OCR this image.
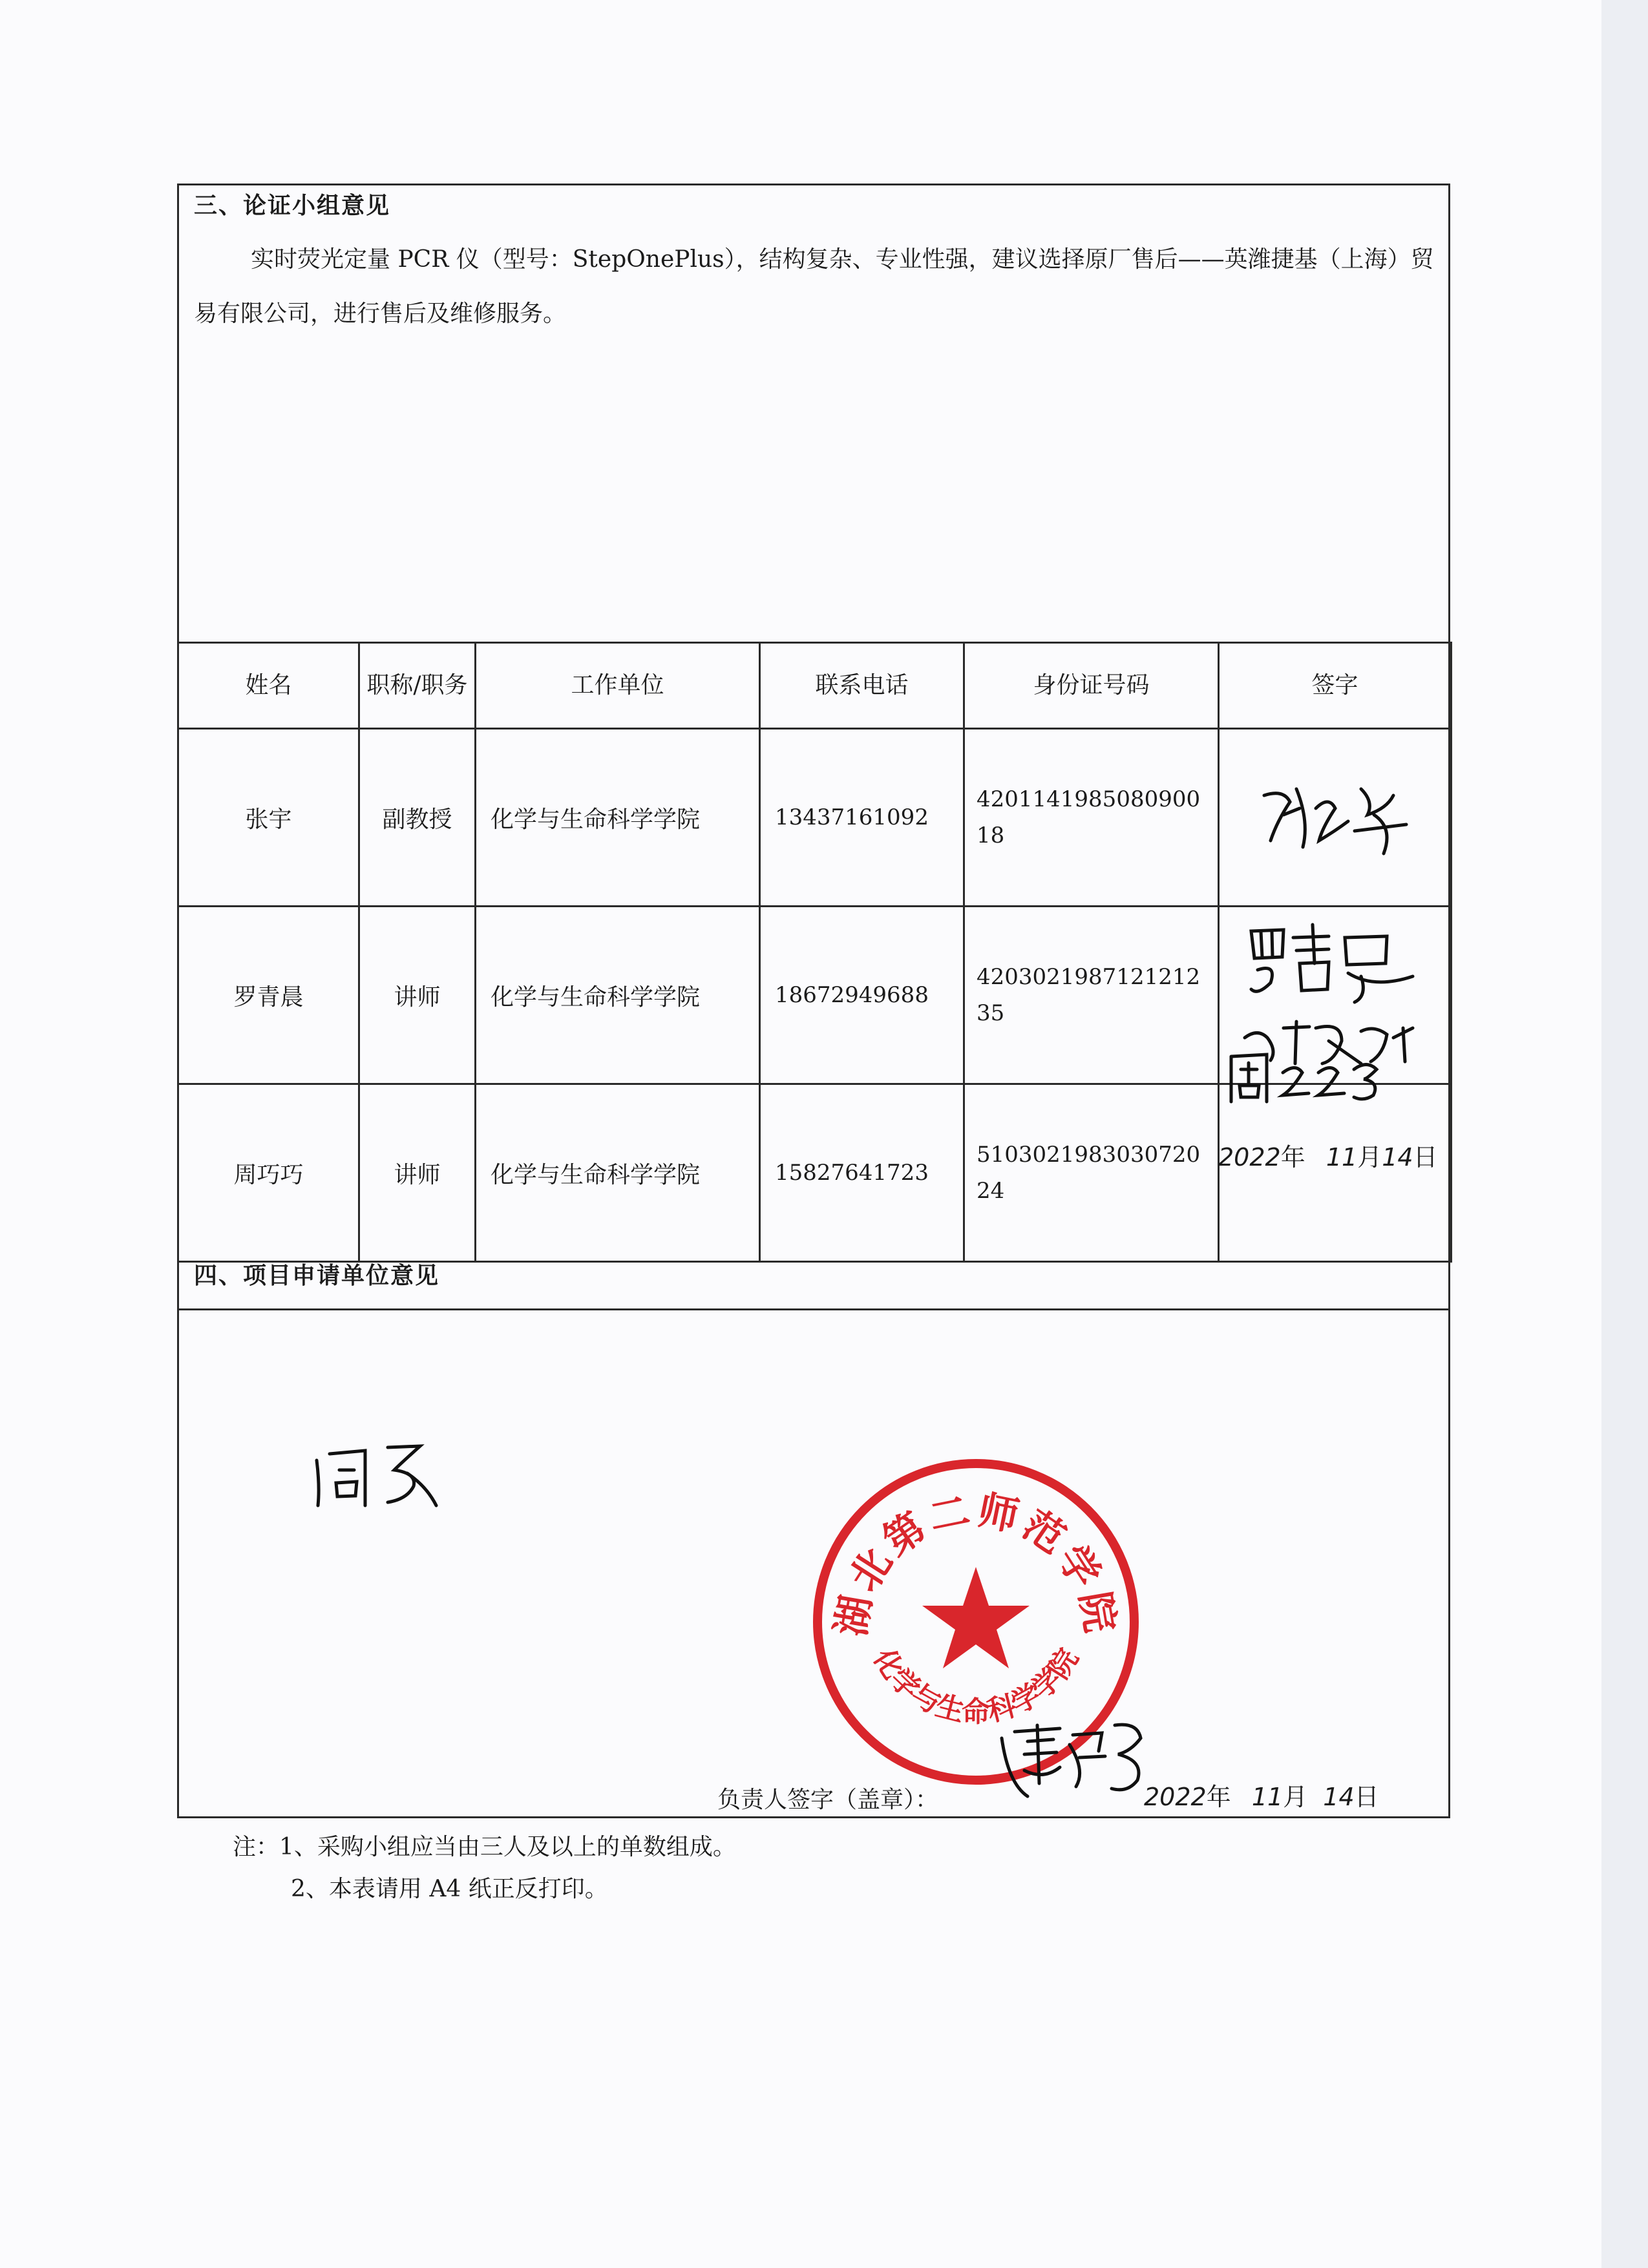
三、论证小组意见
实时荧光定量 PCR 仪（型号：StepOnePlus），结构复杂、专业性强，建议选择原厂售后——英潍捷基（上海）贸易有限公司，进行售后及维修服务。
姓名	职称/职务	工作单位	联系电话	身份证号码	签字
张宇	副教授	化学与生命科学学院	13437161092	420114198508090018	
罗青晨	讲师	化学与生命科学学院	18672949688	420302198712121235	
周巧巧	讲师	化学与生命科学学院	15827641723	510302198303072024	
2022年 11月14日
四、项目申请单位意见
湖北第二师范学院
化学与生命科学学院
负责人签字（盖章）：	2022年 11月 14日
注：1、采购小组应当由三人及以上的单数组成。
2、本表请用 A4 纸正反打印。
